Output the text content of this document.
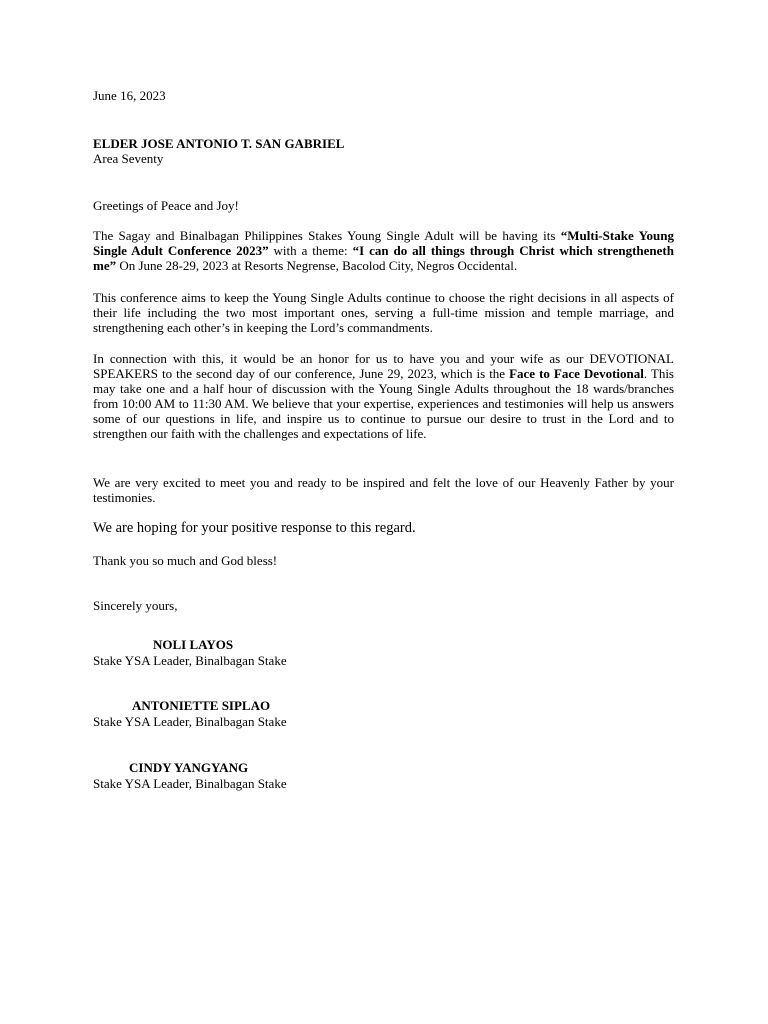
June 16, 2023
ELDER JOSE ANTONIO T. SAN GABRIEL
Area Seventy
Greetings of Peace and Joy!

The Sagay and Binalbagan Philippines Stakes Young Single Adult will be having its “Multi-Stake Young Single Adult Conference 2023” with a theme: “I can do all things through Christ which strengtheneth me” On June 28-29, 2023 at Resorts Negrense, Bacolod City, Negros Occidental.

This conference aims to keep the Young Single Adults continue to choose the right decisions in all aspects of their life including the two most important ones, serving a full-time mission and temple marriage, and strengthening each other’s in keeping the Lord’s commandments.

In connection with this, it would be an honor for us to have you and your wife as our DEVOTIONAL SPEAKERS to the second day of our conference, June 29, 2023, which is the Face to Face Devotional. This may take one and a half hour of discussion with the Young Single Adults throughout the 18 wards/branches from 10:00 AM to 11:30 AM. We believe that your expertise, experiences and testimonies will help us answers some of our questions in life, and inspire us to continue to pursue our desire to trust in the Lord and to strengthen our faith with the challenges and expectations of life.

We are very excited to meet you and ready to be inspired and felt the love of our Heavenly Father by your testimonies.

We are hoping for your positive response to this regard.

Thank you so much and God bless!

Sincerely yours,
NOLI LAYOS
Stake YSA Leader, Binalbagan Stake
ANTONIETTE SIPLAO
Stake YSA Leader, Binalbagan Stake
CINDY YANGYANG
Stake YSA Leader, Binalbagan Stake
